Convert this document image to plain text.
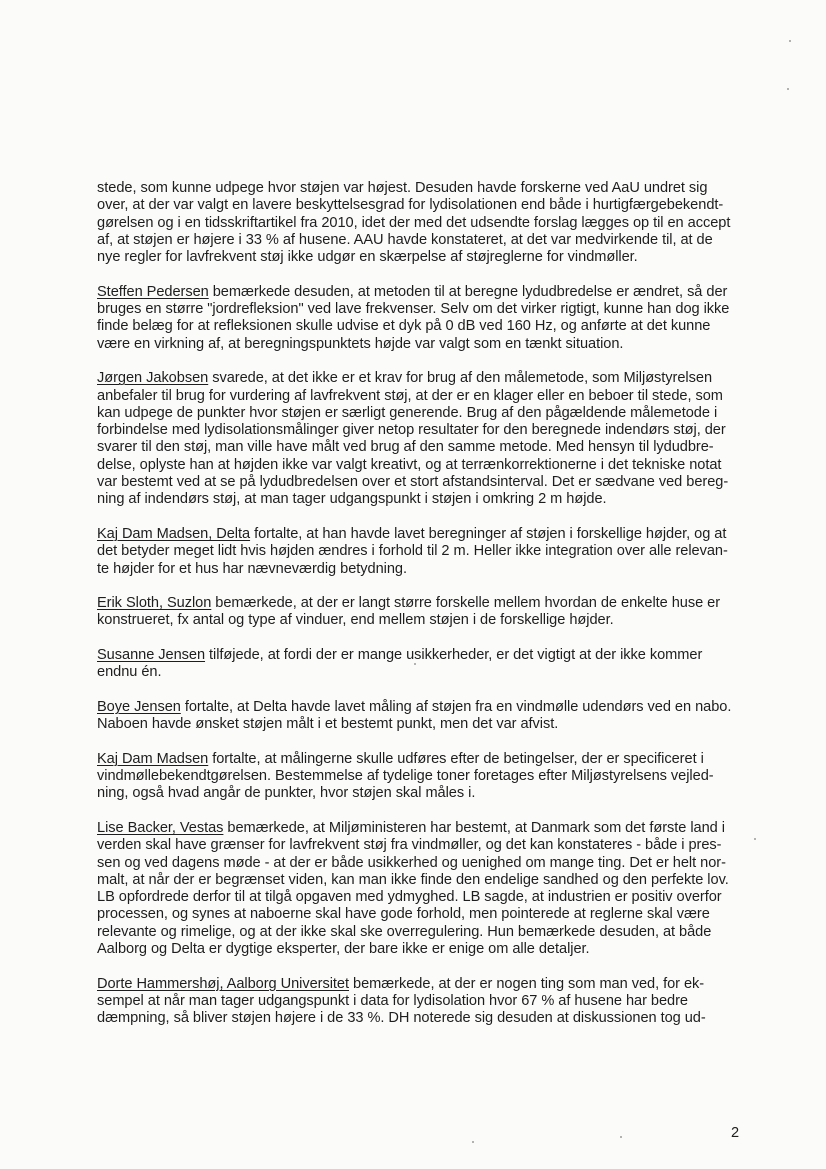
stede, som kunne udpege hvor støjen var højest. Desuden havde forskerne ved AaU undret sig
over, at der var valgt en lavere beskyttelsesgrad for lydisolationen end både i hurtigfærgebekendt-
gørelsen og i en tidsskriftartikel fra 2010, idet der med det udsendte forslag lægges op til en accept
af, at støjen er højere i 33 % af husene. AAU havde konstateret, at det var medvirkende til, at de
nye regler for lavfrekvent støj ikke udgør en skærpelse af støjreglerne for vindmøller.
Steffen Pedersen bemærkede desuden, at metoden til at beregne lydudbredelse er ændret, så der
bruges en større "jordrefleksion" ved lave frekvenser. Selv om det virker rigtigt, kunne han dog ikke
finde belæg for at refleksionen skulle udvise et dyk på 0 dB ved 160 Hz, og anførte at det kunne
være en virkning af, at beregningspunktets højde var valgt som en tænkt situation.
Jørgen Jakobsen svarede, at det ikke er et krav for brug af den målemetode, som Miljøstyrelsen
anbefaler til brug for vurdering af lavfrekvent støj, at der er en klager eller en beboer til stede, som
kan udpege de punkter hvor støjen er særligt generende. Brug af den pågældende målemetode i
forbindelse med lydisolationsmålinger giver netop resultater for den beregnede indendørs støj, der
svarer til den støj, man ville have målt ved brug af den samme metode. Med hensyn til lydudbre-
delse, oplyste han at højden ikke var valgt kreativt, og at terrænkorrektionerne i det tekniske notat
var bestemt ved at se på lydudbredelsen over et stort afstandsinterval. Det er sædvane ved bereg-
ning af indendørs støj, at man tager udgangspunkt i støjen i omkring 2 m højde.
Kaj Dam Madsen, Delta fortalte, at han havde lavet beregninger af støjen i forskellige højder, og at
det betyder meget lidt hvis højden ændres i forhold til 2 m. Heller ikke integration over alle relevan-
te højder for et hus har nævneværdig betydning.
Erik Sloth, Suzlon bemærkede, at der er langt større forskelle mellem hvordan de enkelte huse er
konstrueret, fx antal og type af vinduer, end mellem støjen i de forskellige højder.
Susanne Jensen tilføjede, at fordi der er mange usikkerheder, er det vigtigt at der ikke kommer
endnu én.
Boye Jensen fortalte, at Delta havde lavet måling af støjen fra en vindmølle udendørs ved en nabo.
Naboen havde ønsket støjen målt i et bestemt punkt, men det var afvist.
Kaj Dam Madsen fortalte, at målingerne skulle udføres efter de betingelser, der er specificeret i
vindmøllebekendtgørelsen. Bestemmelse af tydelige toner foretages efter Miljøstyrelsens vejled-
ning, også hvad angår de punkter, hvor støjen skal måles i.
Lise Backer, Vestas bemærkede, at Miljøministeren har bestemt, at Danmark som det første land i
verden skal have grænser for lavfrekvent støj fra vindmøller, og det kan konstateres - både i pres-
sen og ved dagens møde - at der er både usikkerhed og uenighed om mange ting. Det er helt nor-
malt, at når der er begrænset viden, kan man ikke finde den endelige sandhed og den perfekte lov.
LB opfordrede derfor til at tilgå opgaven med ydmyghed. LB sagde, at industrien er positiv overfor
processen, og synes at naboerne skal have gode forhold, men pointerede at reglerne skal være
relevante og rimelige, og at der ikke skal ske overregulering. Hun bemærkede desuden, at både
Aalborg og Delta er dygtige eksperter, der bare ikke er enige om alle detaljer.
Dorte Hammershøj, Aalborg Universitet bemærkede, at der er nogen ting som man ved, for ek-
sempel at når man tager udgangspunkt i data for lydisolation hvor 67 % af husene har bedre
dæmpning, så bliver støjen højere i de 33 %. DH noterede sig desuden at diskussionen tog ud-
2
